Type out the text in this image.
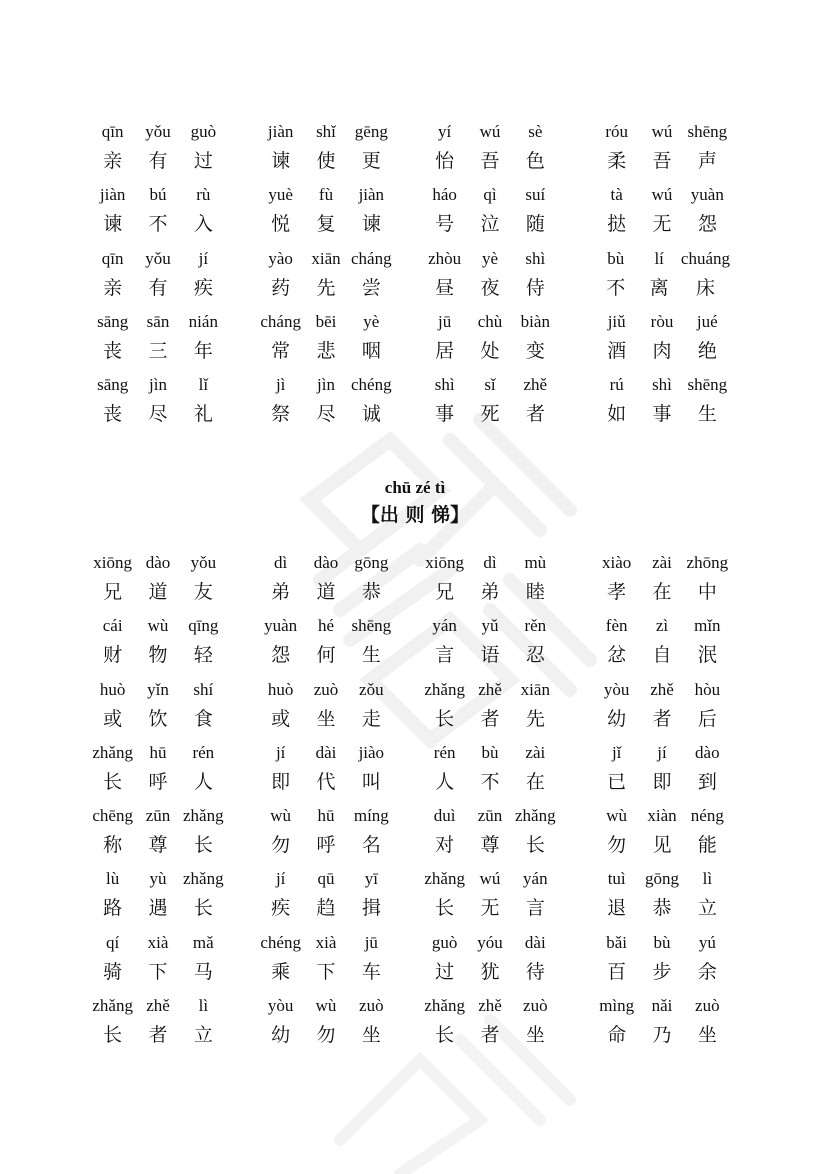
qīn
亲
yǒu
有
guò
过
jiàn
谏
shǐ
使
gēng
更
yí
怡
wú
吾
sè
色
róu
柔
wú
吾
shēng
声
jiàn
谏
bú
不
rù
入
yuè
悦
fù
复
jiàn
谏
háo
号
qì
泣
suí
随
tà
挞
wú
无
yuàn
怨
qīn
亲
yǒu
有
jí
疾
yào
药
xiān
先
cháng
尝
zhòu
昼
yè
夜
shì
侍
bù
不
lí
离
chuáng
床
sāng
丧
sān
三
nián
年
cháng
常
bēi
悲
yè
咽
jū
居
chù
处
biàn
变
jiǔ
酒
ròu
肉
jué
绝
sāng
丧
jìn
尽
lǐ
礼
jì
祭
jìn
尽
chéng
诚
shì
事
sǐ
死
zhě
者
rú
如
shì
事
shēng
生
chū zé tì
【出 则 悌】
xiōng
兄
dào
道
yǒu
友
dì
弟
dào
道
gōng
恭
xiōng
兄
dì
弟
mù
睦
xiào
孝
zài
在
zhōng
中
cái
财
wù
物
qīng
轻
yuàn
怨
hé
何
shēng
生
yán
言
yǔ
语
rěn
忍
fèn
忿
zì
自
mǐn
泯
huò
或
yǐn
饮
shí
食
huò
或
zuò
坐
zǒu
走
zhǎng
长
zhě
者
xiān
先
yòu
幼
zhě
者
hòu
后
zhǎng
长
hū
呼
rén
人
jí
即
dài
代
jiào
叫
rén
人
bù
不
zài
在
jǐ
已
jí
即
dào
到
chēng
称
zūn
尊
zhǎng
长
wù
勿
hū
呼
míng
名
duì
对
zūn
尊
zhǎng
长
wù
勿
xiàn
见
néng
能
lù
路
yù
遇
zhǎng
长
jí
疾
qū
趋
yī
揖
zhǎng
长
wú
无
yán
言
tuì
退
gōng
恭
lì
立
qí
骑
xià
下
mǎ
马
chéng
乘
xià
下
jū
车
guò
过
yóu
犹
dài
待
bǎi
百
bù
步
yú
余
zhǎng
长
zhě
者
lì
立
yòu
幼
wù
勿
zuò
坐
zhǎng
长
zhě
者
zuò
坐
mìng
命
nǎi
乃
zuò
坐
